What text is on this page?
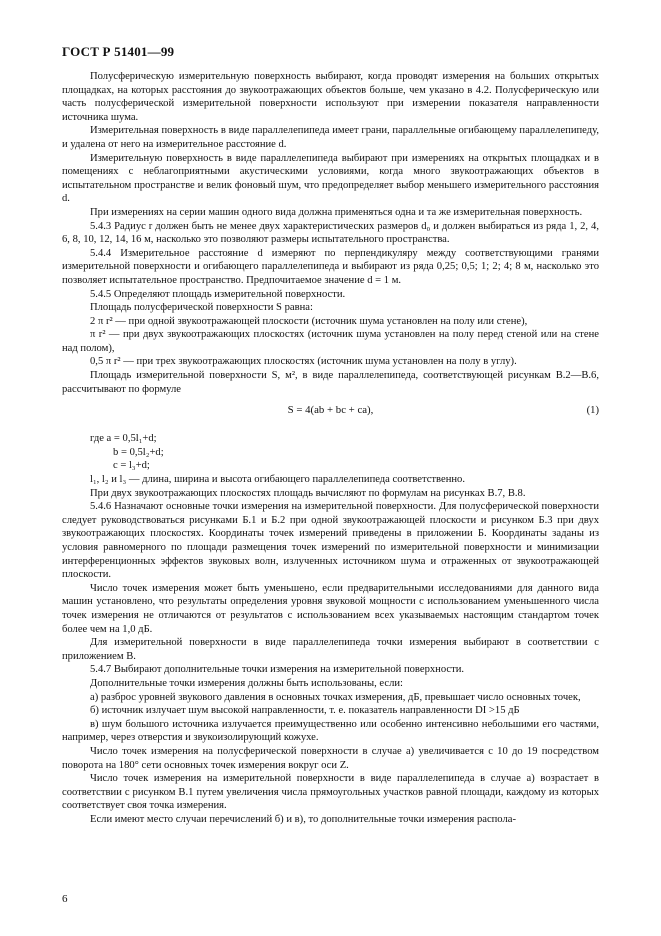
ГОСТ Р 51401—99

Полусферическую измерительную поверхность выбирают, когда проводят измерения на больших открытых площадках, на которых расстояния до звукоотражающих объектов больше, чем указано в 4.2. Полусферическую или часть полусферической измерительной поверхности используют при измерении показателя направленности источника шума.

Измерительная поверхность в виде параллелепипеда имеет грани, параллельные огибающему параллелепипеду, и удалена от него на измерительное расстояние d.

Измерительную поверхность в виде параллелепипеда выбирают при измерениях на открытых площадках и в помещениях с неблагоприятными акустическими условиями, когда много звукоотражающих объектов в испытательном пространстве и велик фоновый шум, что предопределяет выбор меньшего измерительного расстояния d.

При измерениях на серии машин одного вида должна применяться одна и та же измерительная поверхность.

5.4.3 Радиус r должен быть не менее двух характеристических размеров d₀ и должен выбираться из ряда 1, 2, 4, 6, 8, 10, 12, 14, 16 м, насколько это позволяют размеры испытательного пространства.

5.4.4 Измерительное расстояние d измеряют по перпендикуляру между соответствующими гранями измерительной поверхности и огибающего параллелепипеда и выбирают из ряда 0,25; 0,5; 1; 2; 4; 8 м, насколько это позволяет испытательное пространство. Предпочитаемое значение d = 1 м.

5.4.5 Определяют площадь измерительной поверхности.

Площадь полусферической поверхности S равна:

2 π r² — при одной звукоотражающей плоскости (источник шума установлен на полу или стене),

π r² — при двух звукоотражающих плоскостях (источник шума установлен на полу перед стеной или на стене над полом),

0,5 π r² — при трех звукоотражающих плоскостях (источник шума установлен на полу в углу).

Площадь измерительной поверхности S, м², в виде параллелепипеда, соответствующей рисункам В.2—В.6, рассчитывают по формуле

S = 4(ab + bc + ca),	(1)

где a = 0,5l₁+d;

b = 0,5l₂+d;

c = l₃+d;

l₁, l₂ и l₃ — длина, ширина и высота огибающего параллелепипеда соответственно.

При двух звукоотражающих плоскостях площадь вычисляют по формулам на рисунках В.7, В.8.

5.4.6 Назначают основные точки измерения на измерительной поверхности. Для полусферической поверхности следует руководствоваться рисунками Б.1 и Б.2 при одной звукоотражающей плоскости и рисунком Б.3 при двух звукоотражающих плоскостях. Координаты точек измерений приведены в приложении Б. Координаты заданы из условия равномерного по площади размещения точек измерений по измерительной поверхности и минимизации интерференционных эффектов звуковых волн, излученных источником шума и отраженных от звукоотражающей плоскости.

Число точек измерения может быть уменьшено, если предварительными исследованиями для данного вида машин установлено, что результаты определения уровня звуковой мощности с использованием уменьшенного числа точек измерения не отличаются от результатов с использованием всех указываемых настоящим стандартом точек более чем на 1,0 дБ.

Для измерительной поверхности в виде параллелепипеда точки измерения выбирают в соответствии с приложением В.

5.4.7 Выбирают дополнительные точки измерения на измерительной поверхности.

Дополнительные точки измерения должны быть использованы, если:

а) разброс уровней звукового давления в основных точках измерения, дБ, превышает число основных точек,

б) источник излучает шум высокой направленности, т. е. показатель направленности DI >15 дБ

в) шум большого источника излучается преимущественно или особенно интенсивно небольшими его частями, например, через отверстия и звукоизолирующий кожухе.

Число точек измерения на полусферической поверхности в случае а) увеличивается с 10 до 19 посредством поворота на 180° сети основных точек измерения вокруг оси Z.

Число точек измерения на измерительной поверхности в виде параллелепипеда в случае а) возрастает в соответствии с рисунком В.1 путем увеличения числа прямоугольных участков равной площади, каждому из которых соответствует своя точка измерения.

Если имеют место случаи перечислений б) и в), то дополнительные точки измерения распола-

6
